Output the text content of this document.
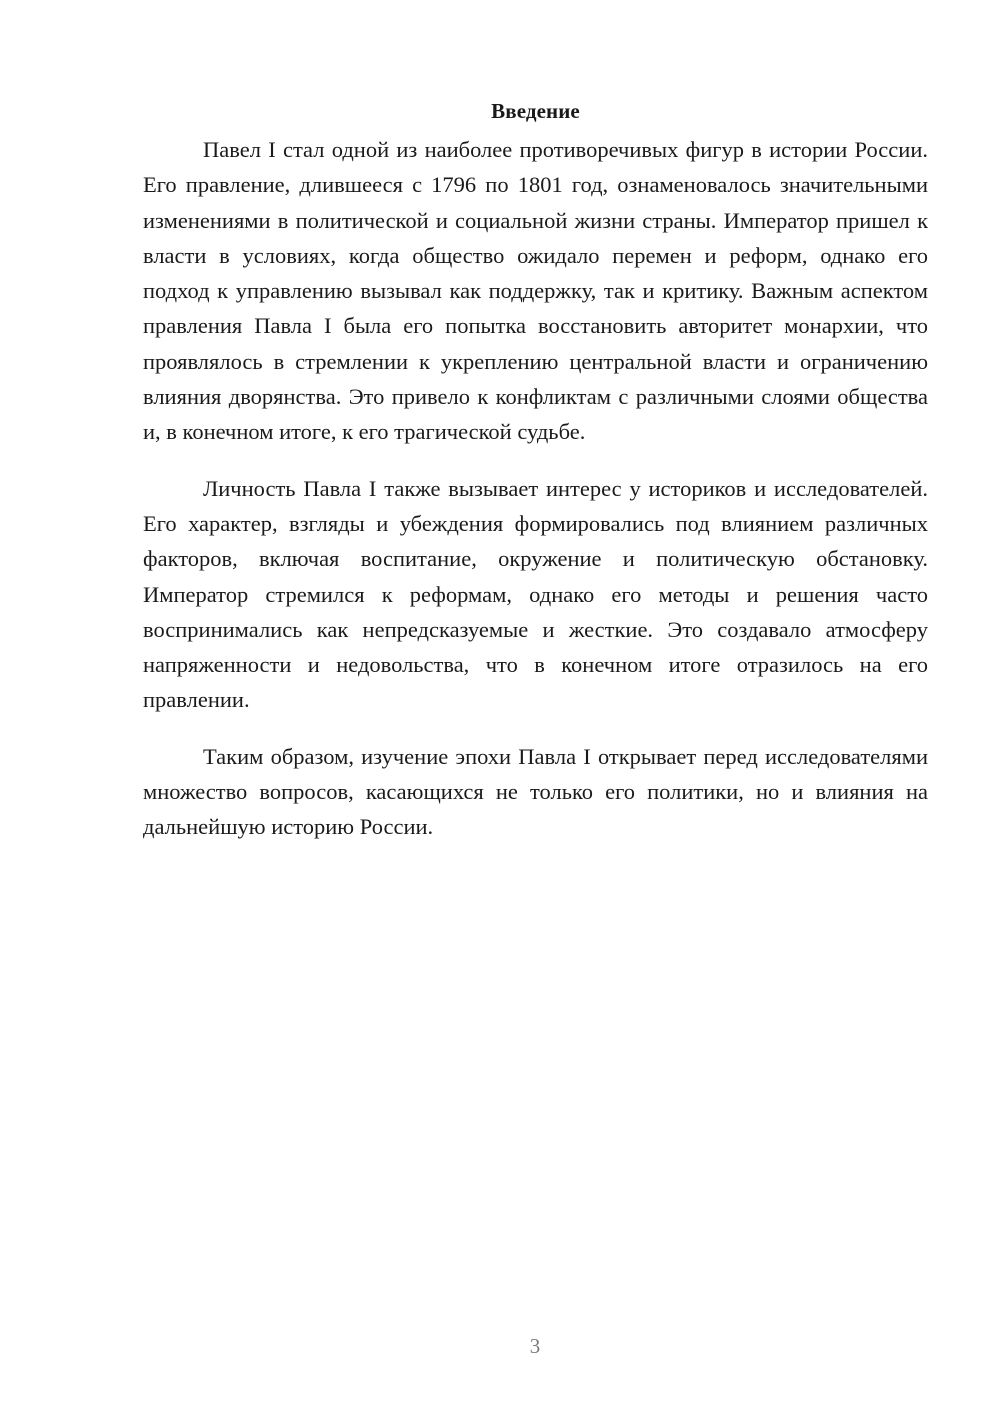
Введение

Павел I стал одной из наиболее противоречивых фигур в истории России. Его правление, длившееся с 1796 по 1801 год, ознаменовалось значительными изменениями в политической и социальной жизни страны. Император пришел к власти в условиях, когда общество ожидало перемен и реформ, однако его подход к управлению вызывал как поддержку, так и критику. Важным аспектом правления Павла I была его попытка восстановить авторитет монархии, что проявлялось в стремлении к укреплению центральной власти и ограничению влияния дворянства. Это привело к конфликтам с различными слоями общества и, в конечном итоге, к его трагической судьбе.

Личность Павла I также вызывает интерес у историков и исследователей. Его характер, взгляды и убеждения формировались под влиянием различных факторов, включая воспитание, окружение и политическую обстановку. Император стремился к реформам, однако его методы и решения часто воспринимались как непредсказуемые и жесткие. Это создавало атмосферу напряженности и недовольства, что в конечном итоге отразилось на его правлении.

Таким образом, изучение эпохи Павла I открывает перед исследователями множество вопросов, касающихся не только его политики, но и влияния на дальнейшую историю России.

3
